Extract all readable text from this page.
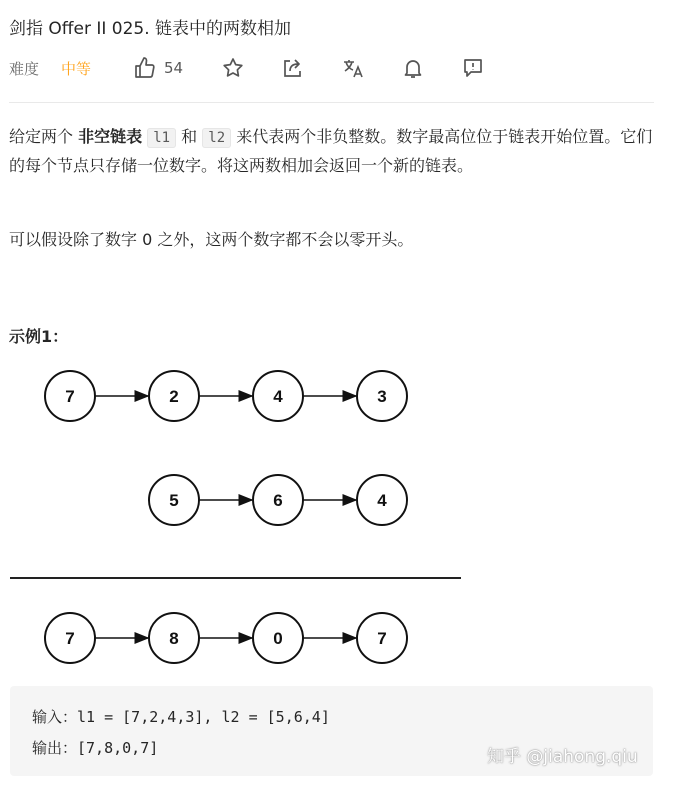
剑指 Offer II 025. 链表中的两数相加
难度 中等	54

给定两个 非空链表 l1 和 l2 来代表两个非负整数。数字最高位位于链表开始位置。它们的每个节点只存储一位数字。将这两数相加会返回一个新的链表。

可以假设除了数字 0 之外，这两个数字都不会以零开头。

示例1：
7	2	4	3
5	6	4
7	8	0	7
输入：l1 = [7,2,4,3], l2 = [5,6,4]
输出：[7,8,0,7]	知乎 @jiahong.qiu
